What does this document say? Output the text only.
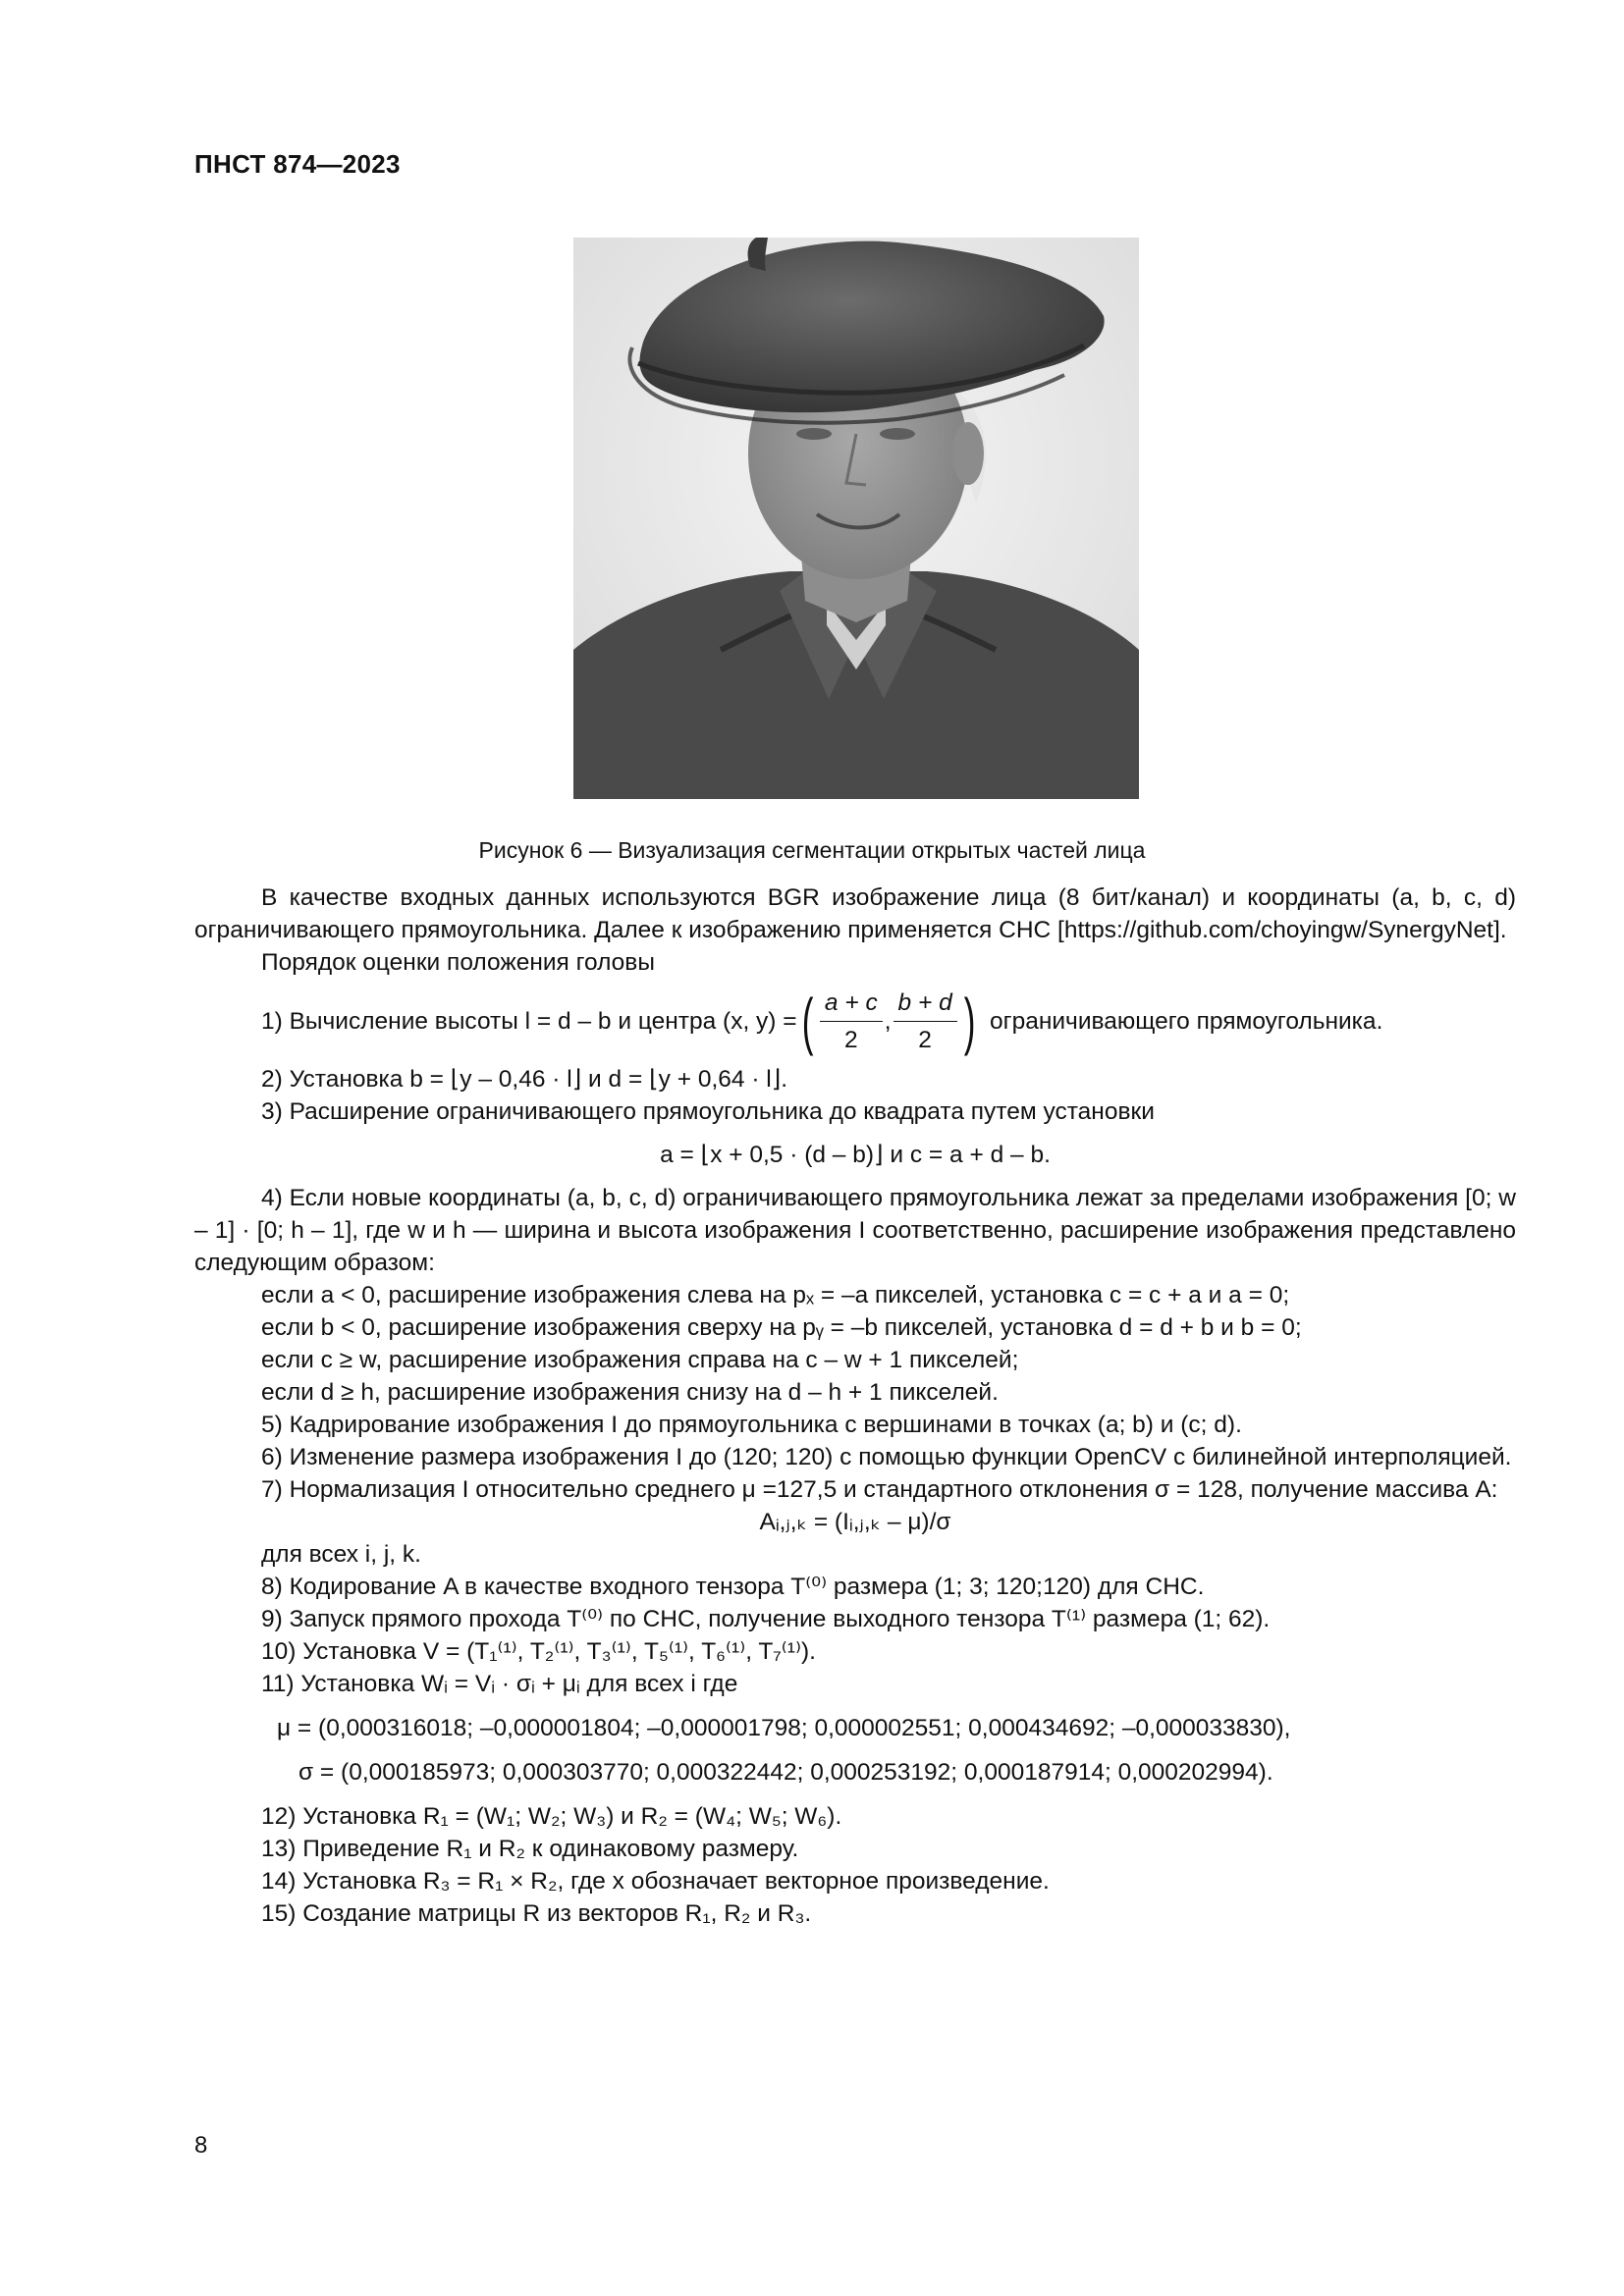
ПНСТ 874—2023
Рисунок 6 — Визуализация сегментации открытых частей лица

В качестве входных данных используются BGR изображение лица (8 бит/канал) и координаты (a, b, c, d) ограничивающего прямоугольника. Далее к изображению применяется СНС [https://github.com/choyingw/SynergyNet].

Порядок оценки положения головы

1) Вычисление высоты l = d – b и центра (x, y) = ( $\frac{a + c}{2}$ , $\frac{b + d}{2}$ ) ограничивающего прямоугольника.

2) Установка b = ⌊y – 0,46 · l⌋ и d = ⌊y + 0,64 · l⌋.

3) Расширение ограничивающего прямоугольника до квадрата путем установки

a = ⌊x + 0,5 · (d – b)⌋ и c = a + d – b.

4) Если новые координаты (a, b, c, d) ограничивающего прямоугольника лежат за пределами изображения [0; w – 1] · [0; h – 1], где w и h — ширина и высота изображения I соответственно, расширение изображения представлено следующим образом:

если a < 0, расширение изображения слева на pₓ = –a пикселей, установка c = c + a и a = 0;

если b < 0, расширение изображения сверху на pᵧ = –b пикселей, установка d = d + b и b = 0;

если c ≥ w, расширение изображения справа на c – w + 1 пикселей;

если d ≥ h, расширение изображения снизу на d – h + 1 пикселей.

5) Кадрирование изображения I до прямоугольника с вершинами в точках (a; b) и (c; d).

6) Изменение размера изображения I до (120; 120) с помощью функции OpenCV с билинейной интерполяцией.

7) Нормализация I относительно среднего μ =127,5 и стандартного отклонения σ = 128, получение массива A:

Aᵢ,ⱼ,ₖ = (Iᵢ,ⱼ,ₖ – μ)/σ

для всех i, j, k.

8) Кодирование A в качестве входного тензора T⁽⁰⁾ размера (1; 3; 120;120) для СНС.

9) Запуск прямого прохода T⁽⁰⁾ по СНС, получение выходного тензора T⁽¹⁾ размера (1; 62).

10) Установка V = (T₁⁽¹⁾, T₂⁽¹⁾, T₃⁽¹⁾, T₅⁽¹⁾, T₆⁽¹⁾, T₇⁽¹⁾).

11) Установка Wᵢ = Vᵢ · σᵢ + μᵢ для всех i где

μ = (0,000316018; –0,000001804; –0,000001798; 0,000002551; 0,000434692; –0,000033830),

σ = (0,000185973; 0,000303770; 0,000322442; 0,000253192; 0,000187914; 0,000202994).

12) Установка R₁ = (W₁; W₂; W₃) и R₂ = (W₄; W₅; W₆).

13) Приведение R₁ и R₂ к одинаковому размеру.

14) Установка R₃ = R₁ × R₂, где x обозначает векторное произведение.

15) Создание матрицы R из векторов R₁, R₂ и R₃.

8
